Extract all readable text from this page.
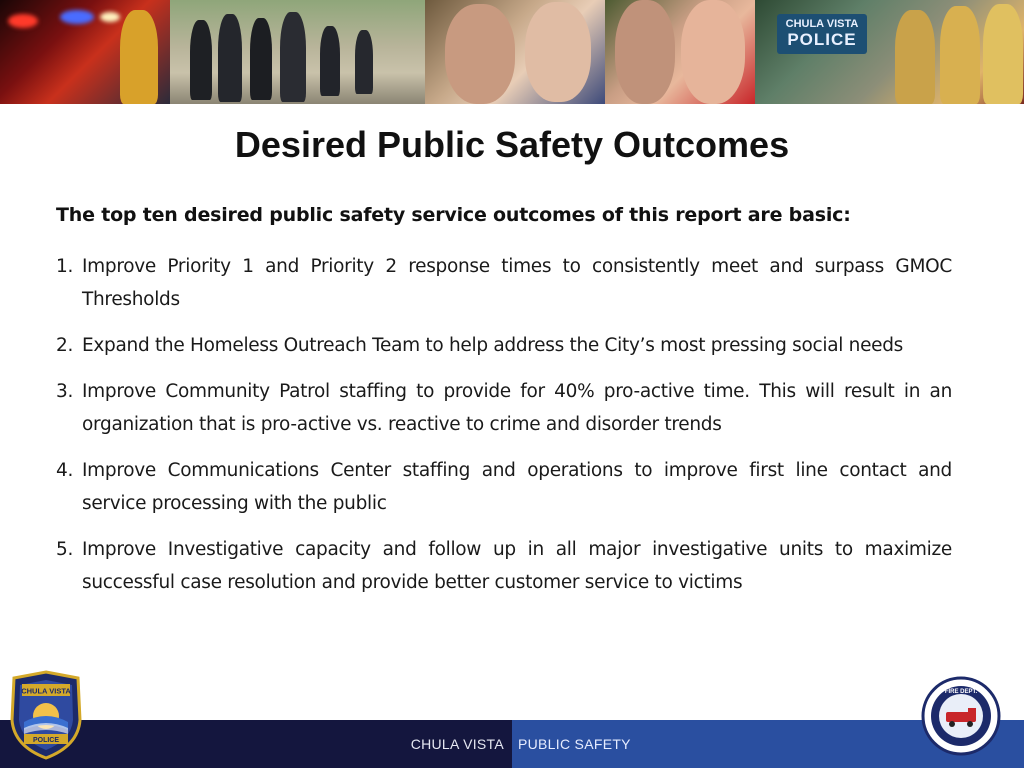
CHULA VISTA
POLICE
Desired Public Safety Outcomes

The top ten desired public safety service outcomes of this report are basic:

1. Improve Priority 1 and Priority 2 response times to consistently meet and surpass GMOC Thresholds
2. Expand the Homeless Outreach Team to help address the City’s most pressing social needs
3. Improve Community Patrol staffing to provide for 40% pro-active time. This will result in an organization that is pro-active vs. reactive to crime and disorder trends
4. Improve Communications Center staffing and operations to improve first line contact and service processing with the public
5. Improve Investigative capacity and follow up in all major investigative units to maximize successful case resolution and provide better customer service to victims
CHULA VISTA PUBLIC SAFETY
CHULA VISTA
POLICE
FIRE DEPT.
